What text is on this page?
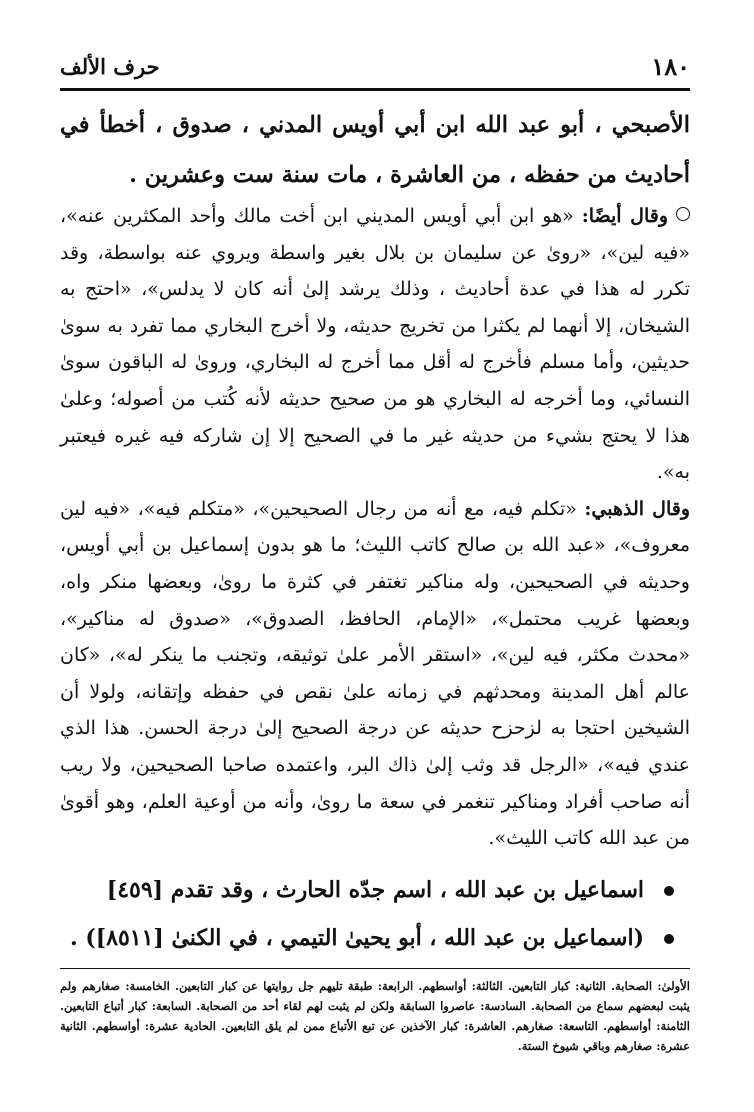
١٨٠
حرف الألف
الأصبحي ، أبو عبد الله ابن أبي أويس المدني ، صدوق ، أخطأ في أحاديث من حفظه ، من العاشرة ، مات سنة ست وعشرين .

وقال أيضًا: «هو ابن أبي أويس المديني ابن أخت مالك وأحد المكثرين عنه»، «فيه لين»، «روىٰ عن سليمان بن بلال بغير واسطة ويروي عنه بواسطة، وقد تكرر له هذا في عدة أحاديث ، وذلك يرشد إلىٰ أنه كان لا يدلس»، «احتج به الشيخان، إلا أنهما لم يكثرا من تخريج حديثه، ولا أخرج البخاري مما تفرد به سوىٰ حديثين، وأما مسلم فأخرج له أقل مما أخرج له البخاري، وروىٰ له الباقون سوىٰ النسائي، وما أخرجه له البخاري هو من صحيح حديثه لأنه كُتب من أصوله؛ وعلىٰ هذا لا يحتج بشيء من حديثه غير ما في الصحيح إلا إن شاركه فيه غيره فيعتبر به».

وقال الذهبي: «تكلم فيه، مع أنه من رجال الصحيحين»، «متكلم فيه»، «فيه لين معروف»، «عبد الله بن صالح كاتب الليث؛ ما هو بدون إسماعيل بن أبي أويس، وحديثه في الصحيحين، وله مناكير تغتفر في كثرة ما روىٰ، وبعضها منكر واه، وبعضها غريب محتمل»، «الإمام، الحافظ، الصدوق»، «صدوق له مناكير»، «محدث مكثر، فيه لين»، «استقر الأمر علىٰ توثيقه، وتجنب ما ينكر له»، «كان عالم أهل المدينة ومحدثهم في زمانه علىٰ نقص في حفظه وإتقانه، ولولا أن الشيخين احتجا به لزحزح حديثه عن درجة الصحيح إلىٰ درجة الحسن. هذا الذي عندي فيه»، «الرجل قد وثب إلىٰ ذاك البر، واعتمده صاحبا الصحيحين، ولا ريب أنه صاحب أفراد ومناكير تنغمر في سعة ما روىٰ، وأنه من أوعية العلم، وهو أقوىٰ من عبد الله كاتب الليث».

اسماعيل بن عبد الله ، اسم جدّه الحارث ، وقد تقدم [٤٥٩]
(اسماعيل بن عبد الله ، أبو يحيىٰ التيمي ، في الكنىٰ [٨٥١١]) .
الأولىٰ: الصحابة. الثانية: كبار التابعين. الثالثة: أواسطهم. الرابعة: طبقة تليهم جل روايتها عن كبار التابعين. الخامسة: صغارهم ولم يثبت لبعضهم سماع من الصحابة. السادسة: عاصروا السابقة ولكن لم يثبت لهم لقاء أحد من الصحابة. السابعة: كبار أتباع التابعين. الثامنة: أواسطهم. التاسعة: صغارهم. العاشرة: كبار الآخذين عن تبع الأتباع ممن لم يلق التابعين. الحادية عشرة: أواسطهم. الثانية عشرة: صغارهم وباقي شيوخ الستة.
